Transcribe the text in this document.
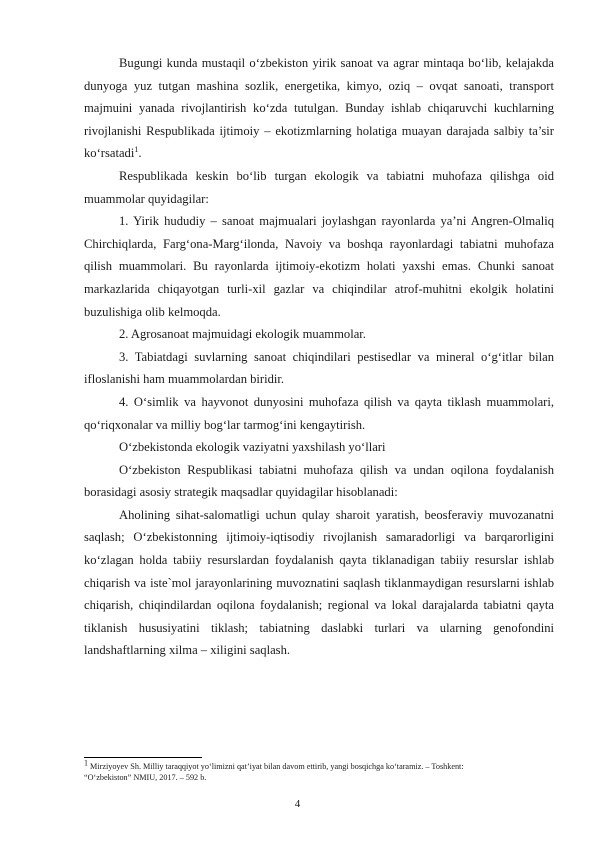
Bugungi kunda mustaqil o‘zbekiston yirik sanoat va agrar mintaqa bo‘lib, kelajakda dunyoga yuz tutgan mashina sozlik, energetika, kimyo, oziq – ovqat sanoati, transport majmuini yanada rivojlantirish ko‘zda tutulgan. Bunday ishlab chiqaruvchi kuchlarning rivojlanishi Respublikada ijtimoiy – ekotizmlarning holatiga muayan darajada salbiy ta’sir ko‘rsatadi$^1$.

Respublikada keskin bo‘lib turgan ekologik va tabiatni muhofaza qilishga oid muammolar quyidagilar:

1. Yirik hududiy – sanoat majmualari joylashgan rayonlarda ya’ni Angren-Olmaliq Chirchiqlarda, Farg‘ona-Marg‘ilonda, Navoiy va boshqa rayonlardagi tabiatni muhofaza qilish muammolari. Bu rayonlarda ijtimoiy-ekotizm holati yaxshi emas. Chunki sanoat markazlarida chiqayotgan turli-xil gazlar va chiqindilar atrof-muhitni ekolgik holatini buzulishiga olib kelmoqda.

2. Agrosanoat majmuidagi ekologik muammolar.

3. Tabiatdagi suvlarning sanoat chiqindilari pestisedlar va mineral o‘g‘itlar bilan ifloslanishi ham muammolardan biridir.

4. O‘simlik va hayvonot dunyosini muhofaza qilish va qayta tiklash muammolari, qo‘riqxonalar va milliy bog‘lar tarmog‘ini kengaytirish.

O‘zbekistonda ekologik vaziyatni yaxshilash yo‘llari

O‘zbekiston Respublikasi tabiatni muhofaza qilish va undan oqilona foydalanish borasidagi asosiy strategik maqsadlar quyidagilar hisoblanadi:

Aholining sihat-salomatligi uchun qulay sharoit yaratish, beosferaviy muvozanatni saqlash; O‘zbekistonning ijtimoiy-iqtisodiy rivojlanish samaradorligi va barqarorligini ko‘zlagan holda tabiiy resurslardan foydalanish qayta tiklanadigan tabiiy resurslar ishlab chiqarish va iste`mol jarayonlarining muvoznatini saqlash tiklanmaydigan resurslarni ishlab chiqarish, chiqindilardan oqilona foydalanish; regional va lokal darajalarda tabiatni qayta tiklanish hususiyatini tiklash; tabiatning daslabki turlari va ularning genofondini landshaftlarning xilma – xiligini saqlash.

$^1$ Mirziyoyev Sh. Milliy taraqqiyot yo‘limizni qat’iyat bilan davom ettirib, yangi bosqichga ko‘taramiz. – Toshkent:

“O‘zbekiston” NMIU, 2017. – 592 b.

4
